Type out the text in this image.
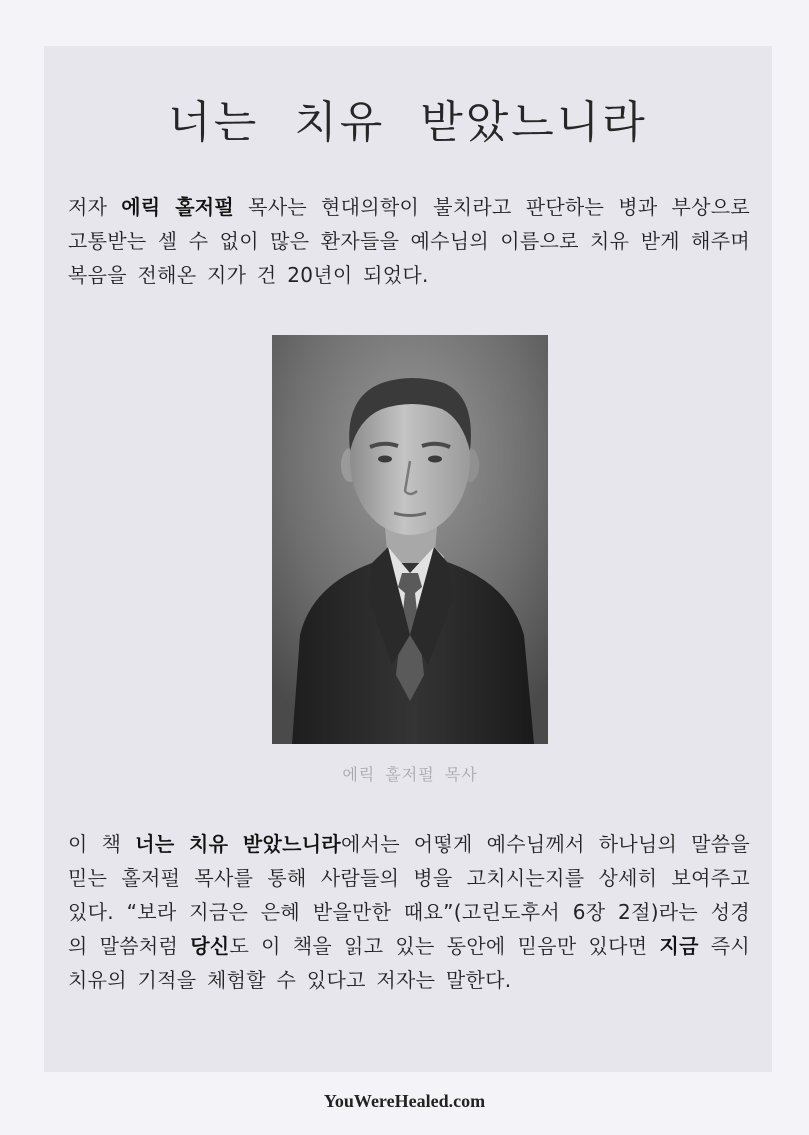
너는 치유 받았느니라

저자 에릭 홀저펄 목사는 현대의학이 불치라고 판단하는 병과 부상으로 고통받는 셀 수 없이 많은 환자들을 예수님의 이름으로 치유 받게 해주며 복음을 전해온 지가 건 20년이 되었다.

에릭 홀저펄 목사

이 책 너는 치유 받았느니라에서는 어떻게 예수님께서 하나님의 말씀을 믿는 홀저펄 목사를 통해 사람들의 병을 고치시는지를 상세히 보여주고 있다. “보라 지금은 은혜 받을만한 때요”(고린도후서 6장 2절)라는 성경의 말씀처럼 당신도 이 책을 읽고 있는 동안에 믿음만 있다면 지금 즉시 치유의 기적을 체험할 수 있다고 저자는 말한다.

YouWereHealed.com
